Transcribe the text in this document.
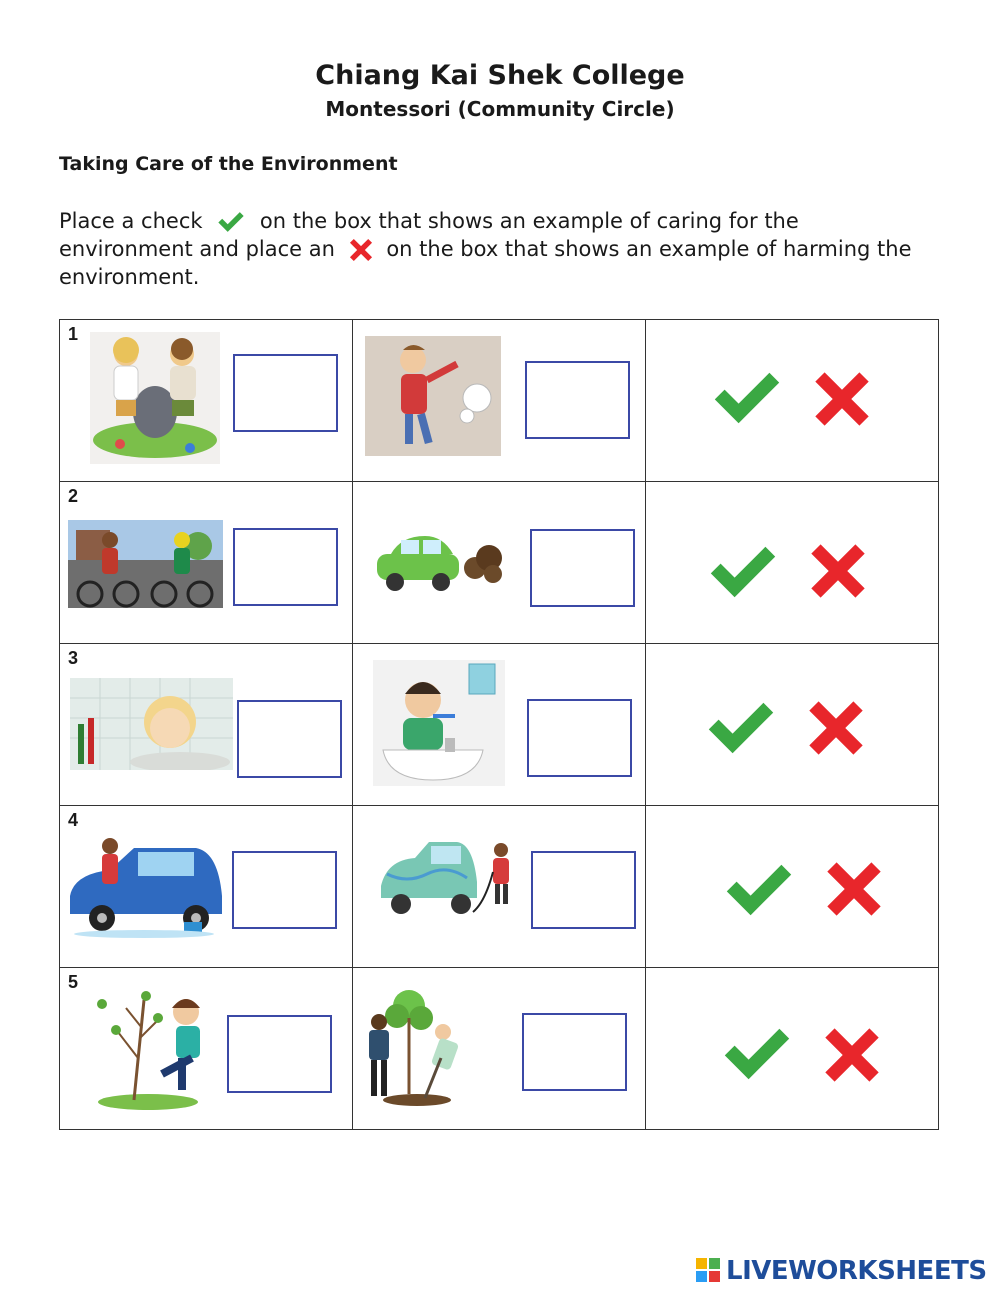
Chiang Kai Shek College
Montessori (Community Circle)
Taking Care of the Environment
Place a check	on the box that shows an example of caring for the environment and place an on the box that shows an example of harming the environment.
1

2

3

4

5

LIVEWORKSHEETS
